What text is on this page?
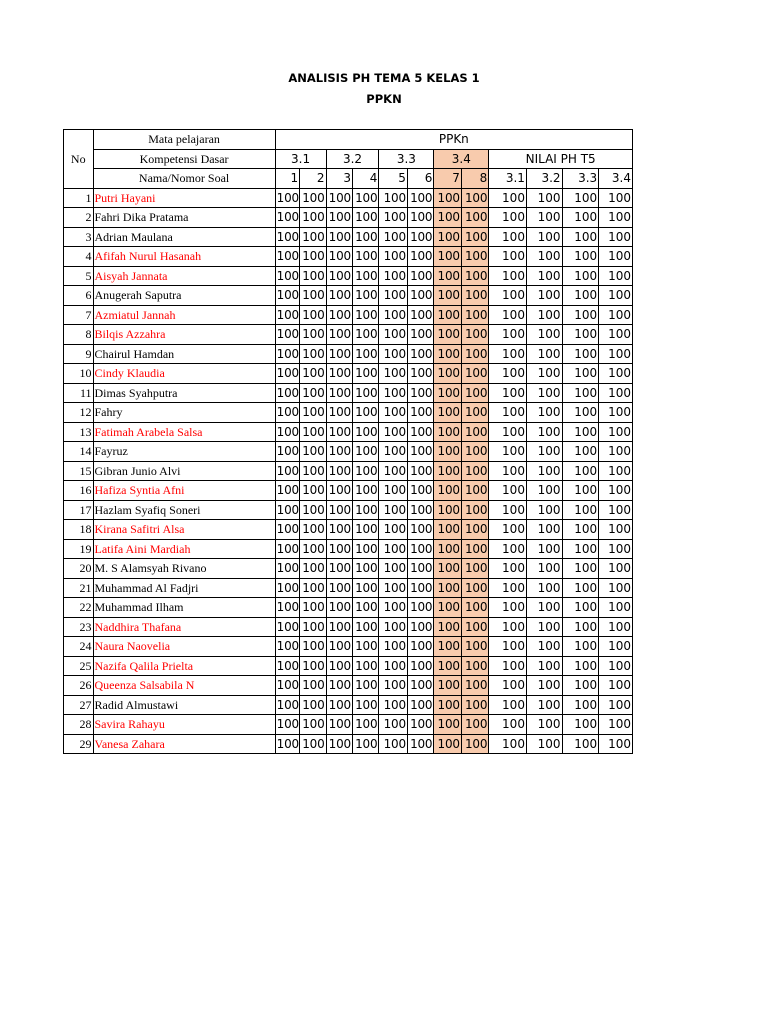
ANALISIS PH TEMA 5 KELAS 1
PPKN
No	Mata pelajaran	PPKn											
	Kompetensi Dasar	3.1		3.2		3.3		3.4		NILAI PH T5			
	Nama/Nomor Soal	1	2	3	4	5	6	7	8	3.1	3.2	3.3	3.4
1	Putri Hayani	100	100	100	100	100	100	100	100	100	100	100	100
2	Fahri Dika Pratama	100	100	100	100	100	100	100	100	100	100	100	100
3	Adrian Maulana	100	100	100	100	100	100	100	100	100	100	100	100
4	Afifah Nurul Hasanah	100	100	100	100	100	100	100	100	100	100	100	100
5	Aisyah Jannata	100	100	100	100	100	100	100	100	100	100	100	100
6	Anugerah Saputra	100	100	100	100	100	100	100	100	100	100	100	100
7	Azmiatul Jannah	100	100	100	100	100	100	100	100	100	100	100	100
8	Bilqis Azzahra	100	100	100	100	100	100	100	100	100	100	100	100
9	Chairul Hamdan	100	100	100	100	100	100	100	100	100	100	100	100
10	Cindy Klaudia	100	100	100	100	100	100	100	100	100	100	100	100
11	Dimas Syahputra	100	100	100	100	100	100	100	100	100	100	100	100
12	Fahry	100	100	100	100	100	100	100	100	100	100	100	100
13	Fatimah Arabela Salsa	100	100	100	100	100	100	100	100	100	100	100	100
14	Fayruz	100	100	100	100	100	100	100	100	100	100	100	100
15	Gibran Junio Alvi	100	100	100	100	100	100	100	100	100	100	100	100
16	Hafiza Syntia Afni	100	100	100	100	100	100	100	100	100	100	100	100
17	Hazlam Syafiq Soneri	100	100	100	100	100	100	100	100	100	100	100	100
18	Kirana Safitri Alsa	100	100	100	100	100	100	100	100	100	100	100	100
19	Latifa Aini Mardiah	100	100	100	100	100	100	100	100	100	100	100	100
20	M. S Alamsyah Rivano	100	100	100	100	100	100	100	100	100	100	100	100
21	Muhammad Al Fadjri	100	100	100	100	100	100	100	100	100	100	100	100
22	Muhammad Ilham	100	100	100	100	100	100	100	100	100	100	100	100
23	Naddhira Thafana	100	100	100	100	100	100	100	100	100	100	100	100
24	Naura Naovelia	100	100	100	100	100	100	100	100	100	100	100	100
25	Nazifa Qalila Prielta	100	100	100	100	100	100	100	100	100	100	100	100
26	Queenza Salsabila N	100	100	100	100	100	100	100	100	100	100	100	100
27	Radid Almustawi	100	100	100	100	100	100	100	100	100	100	100	100
28	Savira Rahayu	100	100	100	100	100	100	100	100	100	100	100	100
29	Vanesa Zahara	100	100	100	100	100	100	100	100	100	100	100	100
